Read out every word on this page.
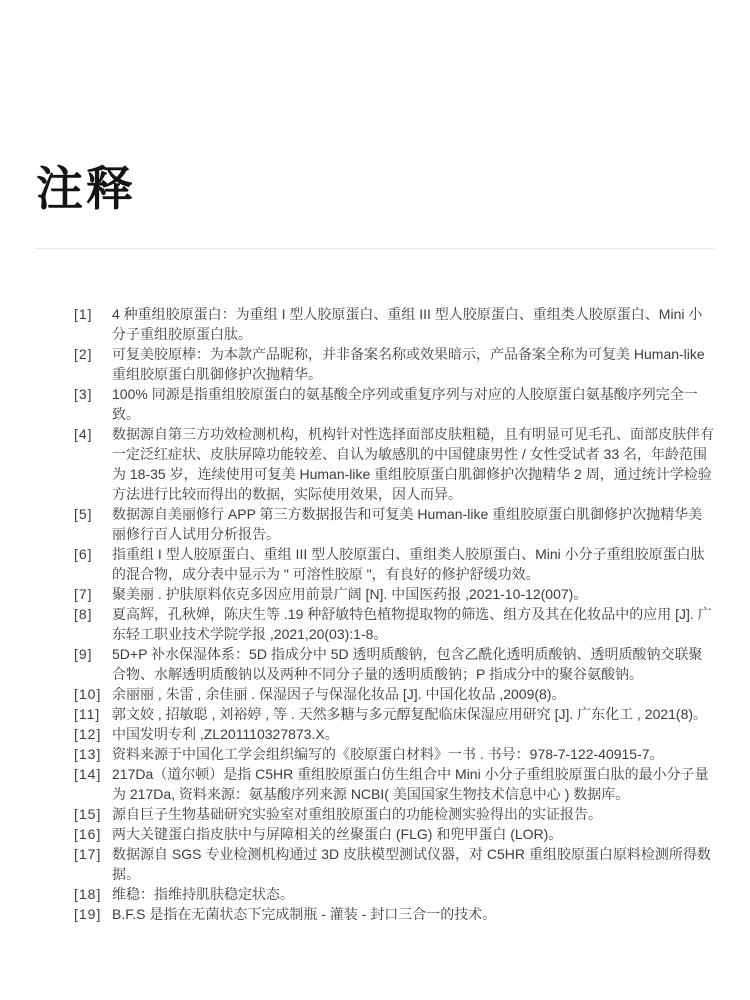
注释
[1]	4 种重组胶原蛋白：为重组 I 型人胶原蛋白、重组 III 型人胶原蛋白、重组类人胶原蛋白、Mini 小分子重组胶原蛋白肽。
[2]	可复美胶原棒：为本款产品昵称，并非备案名称或效果暗示，产品备案全称为可复美 Human-like 重组胶原蛋白肌御修护次抛精华。
[3]	100% 同源是指重组胶原蛋白的氨基酸全序列或重复序列与对应的人胶原蛋白氨基酸序列完全一致。
[4]	数据源自第三方功效检测机构，机构针对性选择面部皮肤粗糙，且有明显可见毛孔、面部皮肤伴有一定泛红症状、皮肤屏障功能较差、自认为敏感肌的中国健康男性 / 女性受试者 33 名，年龄范围为 18-35 岁，连续使用可复美 Human-like 重组胶原蛋白肌御修护次抛精华 2 周，通过统计学检验方法进行比较而得出的数据，实际使用效果，因人而异。
[5]	数据源自美丽修行 APP 第三方数据报告和可复美 Human-like 重组胶原蛋白肌御修护次抛精华美丽修行百人试用分析报告。
[6]	指重组 I 型人胶原蛋白、重组 III 型人胶原蛋白、重组类人胶原蛋白、Mini 小分子重组胶原蛋白肽的混合物，成分表中显示为 " 可溶性胶原 "，有良好的修护舒缓功效。
[7]	聚美丽 . 护肤原料依克多因应用前景广阔 [N]. 中国医药报 ,2021-10-12(007)。
[8]	夏高辉，孔秋婵，陈庆生等 .19 种舒敏特色植物提取物的筛选、组方及其在化妆品中的应用 [J]. 广东轻工职业技术学院学报 ,2021,20(03):1-8。
[9]	5D+P 补水保湿体系：5D 指成分中 5D 透明质酸钠，包含乙酰化透明质酸钠、透明质酸钠交联聚合物、水解透明质酸钠以及两种不同分子量的透明质酸钠；P 指成分中的聚谷氨酸钠。
[10] 余丽丽 , 朱雷 , 余佳丽 . 保湿因子与保湿化妆品 [J]. 中国化妆品 ,2009(8)。
[11] 郭文姣 , 招敏聪 , 刘裕婷 , 等 . 天然多糖与多元醇复配临床保湿应用研究 [J]. 广东化工 , 2021(8)。
[12] 中国发明专利 ,ZL201110327873.X。
[13] 资料来源于中国化工学会组织编写的《胶原蛋白材料》一书 . 书号：978-7-122-40915-7。
[14] 217Da（道尔顿）是指 C5HR 重组胶原蛋白仿生组合中 Mini 小分子重组胶原蛋白肽的最小分子量为 217Da, 资料来源：氨基酸序列来源 NCBI( 美国国家生物技术信息中心 ) 数据库。
[15] 源自巨子生物基础研究实验室对重组胶原蛋白的功能检测实验得出的实证报告。
[16] 两大关键蛋白指皮肤中与屏障相关的丝聚蛋白 (FLG) 和兜甲蛋白 (LOR)。
[17] 数据源自 SGS 专业检测机构通过 3D 皮肤模型测试仪器，对 C5HR 重组胶原蛋白原料检测所得数据。
[18] 维稳：指维持肌肤稳定状态。
[19] B.F.S 是指在无菌状态下完成制瓶 - 灌装 - 封口三合一的技术。
